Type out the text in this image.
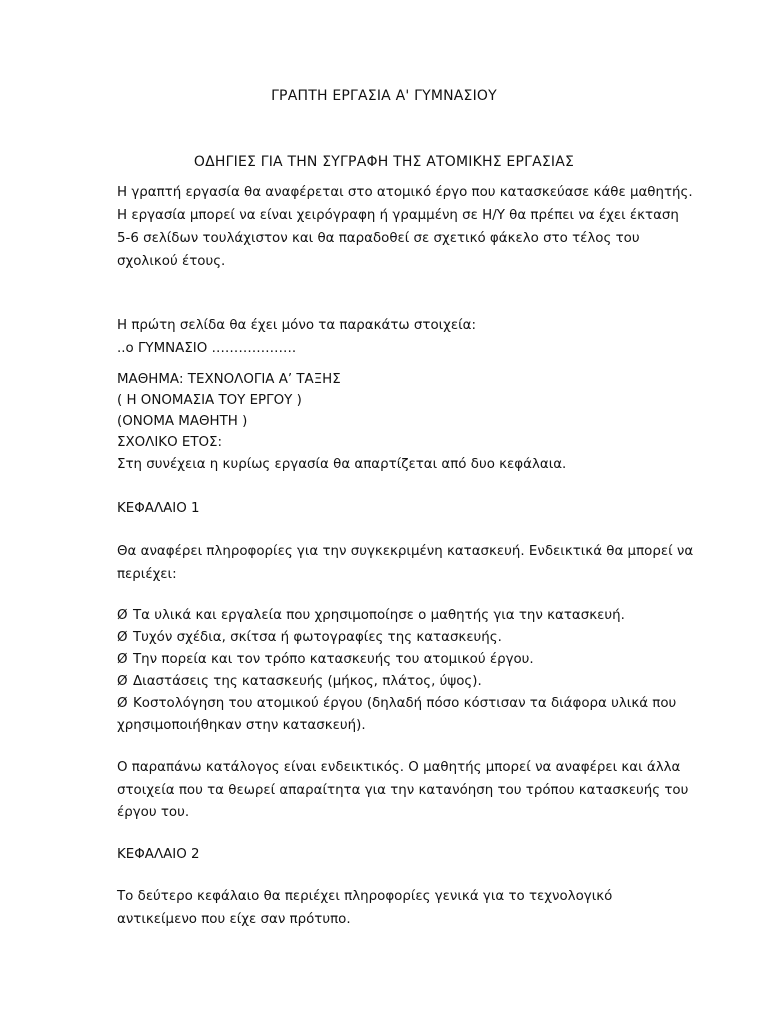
ΓΡΑΠΤΗ ΕΡΓΑΣΙΑ Α' ΓΥΜΝΑΣΙΟΥ
ΟΔΗΓΙΕΣ ΓΙΑ ΤΗΝ ΣΥΓΡΑΦΗ ΤΗΣ ΑΤΟΜΙΚΗΣ ΕΡΓΑΣΙΑΣ
Η γραπτή εργασία θα αναφέρεται στο ατομικό έργο που κατασκεύασε κάθε μαθητής.
Η εργασία μπορεί να είναι χειρόγραφη ή γραμμένη σε Η/Υ θα πρέπει να έχει έκταση
5-6 σελίδων τουλάχιστον και θα παραδοθεί σε σχετικό φάκελο στο τέλος του
σχολικού έτους.
Η πρώτη σελίδα θα έχει μόνο τα παρακάτω στοιχεία:
..ο ΓΥΜΝΑΣΙΟ ……………….
ΜΑΘΗΜΑ: ΤΕΧΝΟΛΟΓΙΑ Α’ ΤΑΞΗΣ
( Η ΟΝΟΜΑΣΙΑ ΤΟΥ ΕΡΓΟΥ )
(ΟΝΟΜΑ ΜΑΘΗΤΗ )
ΣΧΟΛΙΚΟ ΕΤΟΣ:
Στη συνέχεια η κυρίως εργασία θα απαρτίζεται από δυο κεφάλαια.
ΚΕΦΑΛΑΙΟ 1
Θα αναφέρει πληροφορίες για την συγκεκριμένη κατασκευή. Ενδεικτικά θα μπορεί να
περιέχει:
Ø Τα υλικά και εργαλεία που χρησιμοποίησε ο μαθητής για την κατασκευή.
Ø Τυχόν σχέδια, σκίτσα ή φωτογραφίες της κατασκευής.
Ø Την πορεία και τον τρόπο κατασκευής του ατομικού έργου.
Ø Διαστάσεις της κατασκευής (μήκος, πλάτος, ύψος).
Ø Κοστολόγηση του ατομικού έργου (δηλαδή πόσο κόστισαν τα διάφορα υλικά που
χρησιμοποιήθηκαν στην κατασκευή).
Ο παραπάνω κατάλογος είναι ενδεικτικός. Ο μαθητής μπορεί να αναφέρει και άλλα
στοιχεία που τα θεωρεί απαραίτητα για την κατανόηση του τρόπου κατασκευής του
έργου του.
ΚΕΦΑΛΑΙΟ 2
Το δεύτερο κεφάλαιο θα περιέχει πληροφορίες γενικά για το τεχνολογικό
αντικείμενο που είχε σαν πρότυπο.
